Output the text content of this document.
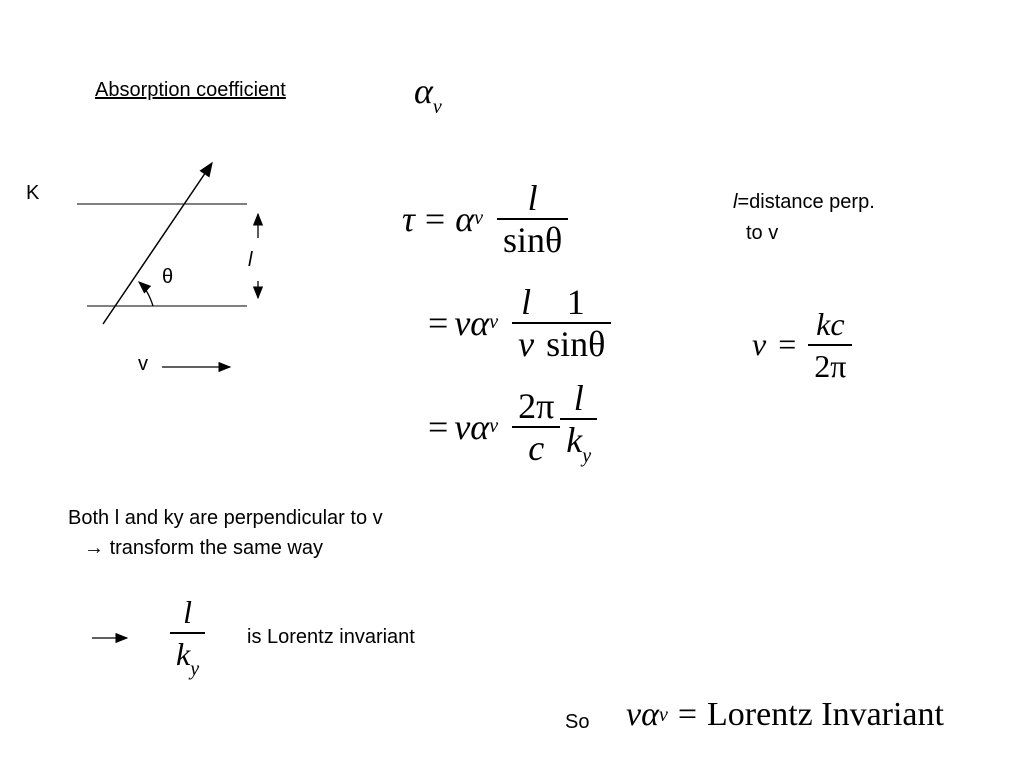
Absorption coefficient	$\alpha_\nu$
K
θ
l
v
l=distance perp.
to v
τ = α ν $\frac{l}{\sin\theta}$
= ν α ν $\frac{l}{\nu} \frac{1}{\sin\theta}$
= ν α ν $\frac{2\pi}{c} \frac{l}{k_y}$
$\nu = \frac{kc}{2\pi}$
Both l and ky are perpendicular to v
→ transform the same way
$\frac{l}{k_y}$ is Lorentz invariant
So ν α ν = Lorentz Invariant
